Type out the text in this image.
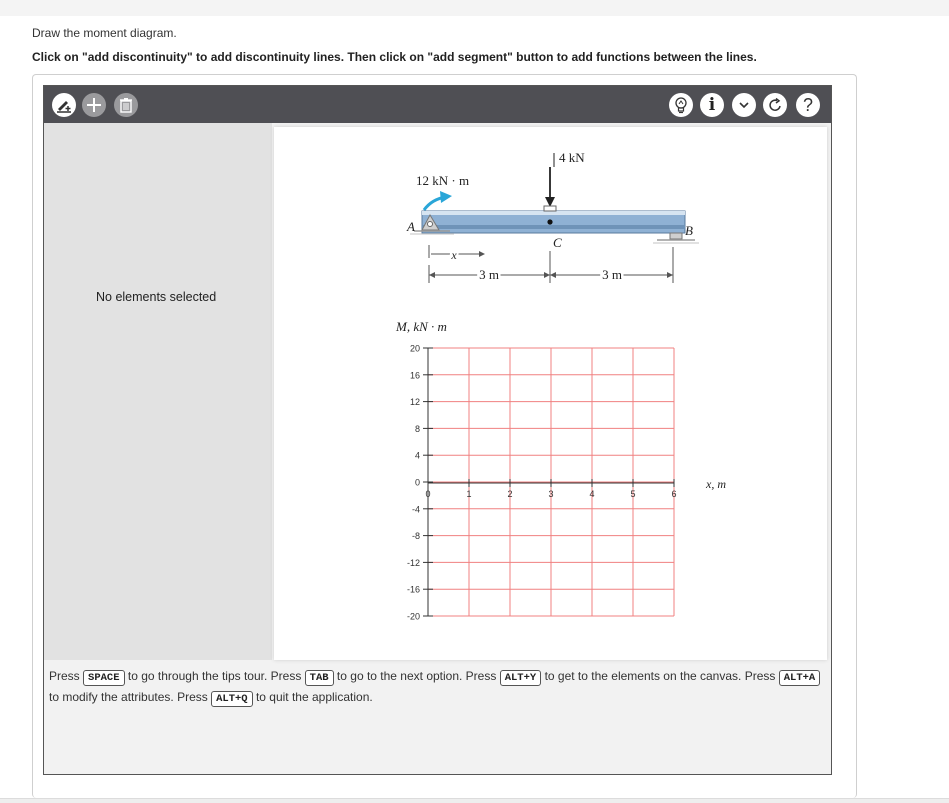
Draw the moment diagram.
Click on "add discontinuity" to add discontinuity lines. Then click on "add segment" button to add functions between the lines.
i	?
No elements selected
4 kN
12 kN · m
A	B
C
x
3 m	3 m
M, kN · m
x, m
20
16
12
8
4
0
-4
-8
-12
-16
-20
0	1	2	3	4	5	6
Press SPACE to go through the tips tour. Press TAB to go to the next option. Press ALT+Y to get to the elements on the canvas. Press ALT+A to modify the attributes. Press ALT+Q to quit the application.
